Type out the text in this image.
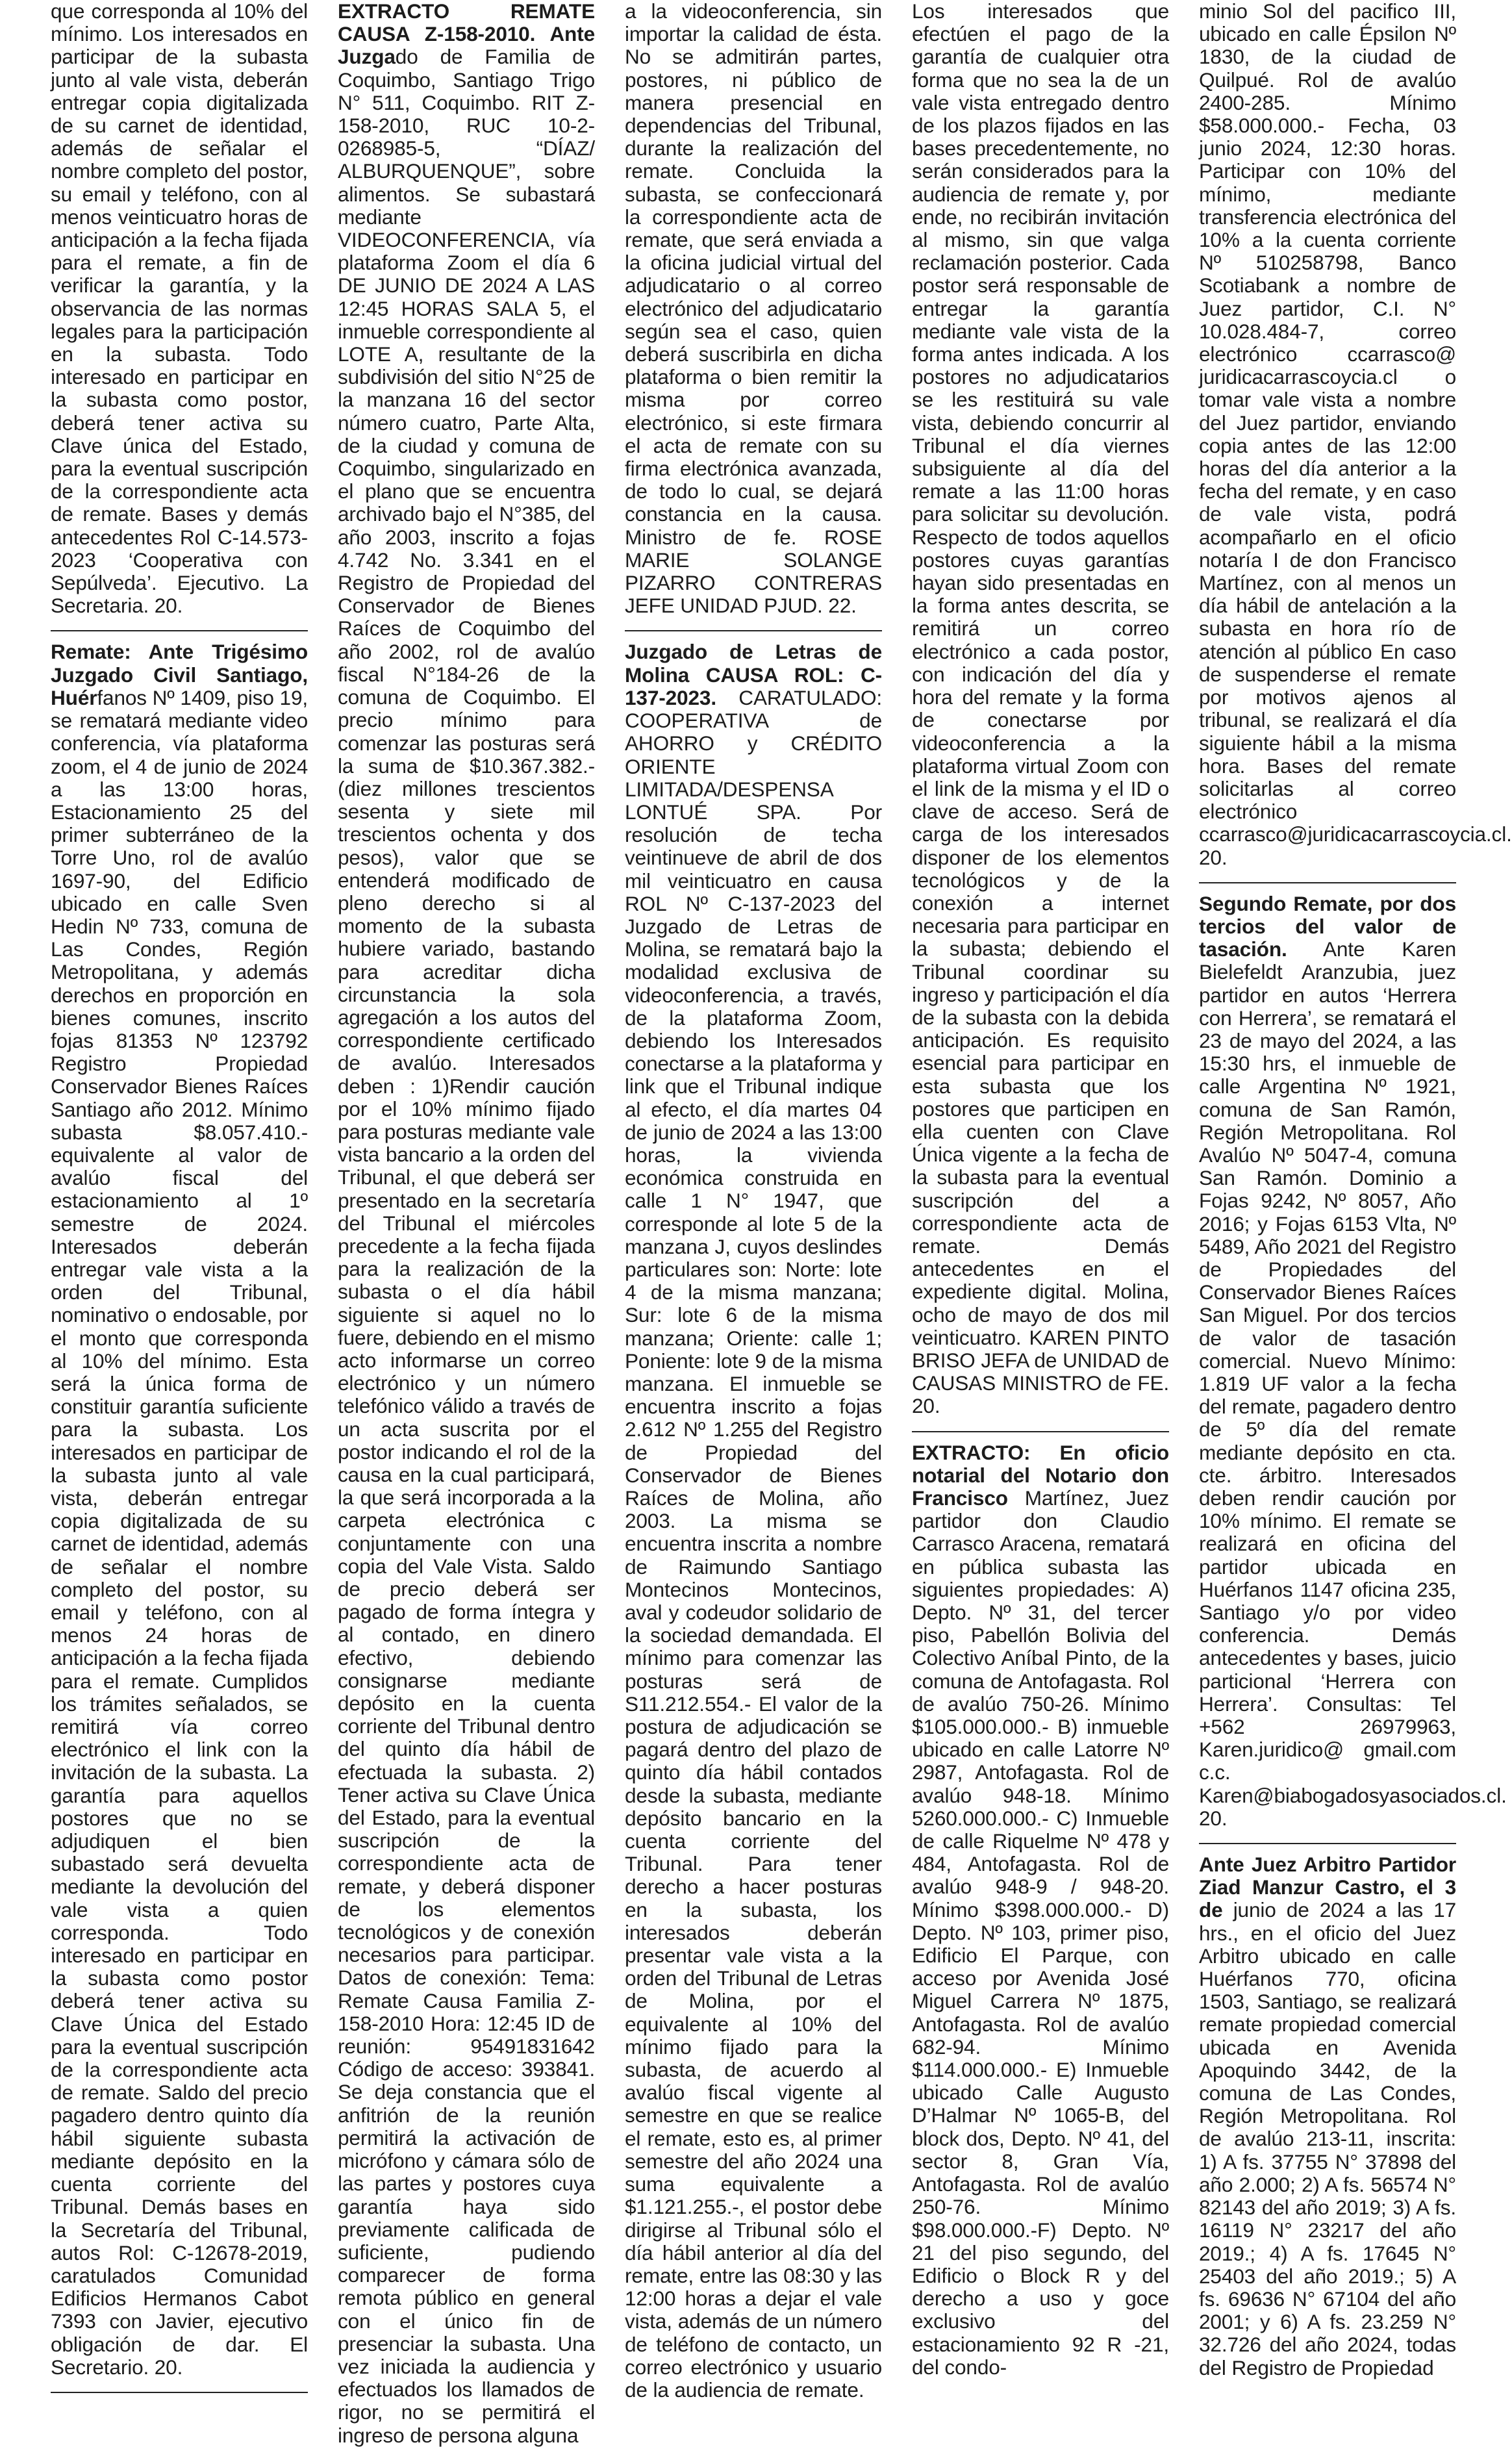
que corresponda al 10% del mínimo. Los interesados en participar de la subasta junto al vale vista, deberán entregar copia digitalizada de su carnet de identidad, además de señalar el nombre completo del postor, su email y teléfono, con al menos veinticuatro horas de anticipación a la fecha fijada para el remate, a fin de verificar la garantía, y la observancia de las normas legales para la participación en la subasta. Todo interesado en participar en la subasta como postor, deberá tener activa su Clave única del Estado, para la eventual suscripción de la correspondiente acta de remate. Bases y demás antecedentes Rol C-14.573-2023 ‘Cooperativa con Sepúlveda’. Ejecutivo. La Secretaria. 20.

Remate: Ante Trigésimo Juzgado Civil Santiago, Huérfanos Nº 1409, piso 19, se rematará mediante video conferencia, vía plataforma zoom, el 4 de junio de 2024 a las 13:00 horas, Estacionamiento 25 del primer subterráneo de la Torre Uno, rol de avalúo 1697-90, del Edificio ubicado en calle Sven Hedin Nº 733, comuna de Las Condes, Región Metropolitana, y además derechos en proporción en bienes comunes, inscrito fojas 81353 Nº 123792 Registro Propiedad Conservador Bienes Raíces Santiago año 2012. Mínimo subasta $8.057.410.- equivalente al valor de avalúo fiscal del estacionamiento al 1º semestre de 2024. Interesados deberán entregar vale vista a la orden del Tribunal, nominativo o endosable, por el monto que corresponda al 10% del mínimo. Esta será la única forma de constituir garantía suficiente para la subasta. Los interesados en participar de la subasta junto al vale vista, deberán entregar copia digitalizada de su carnet de identidad, además de señalar el nombre completo del postor, su email y teléfono, con al menos 24 horas de anticipación a la fecha fijada para el remate. Cumplidos los trámites señalados, se remitirá vía correo electrónico el link con la invitación de la subasta. La garantía para aquellos postores que no se adjudiquen el bien subastado será devuelta mediante la devolución del vale vista a quien corresponda. Todo interesado en participar en la subasta como postor deberá tener activa su Clave Única del Estado para la eventual suscripción de la correspondiente acta de remate. Saldo del precio pagadero dentro quinto día hábil siguiente subasta mediante depósito en la cuenta corriente del Tribunal. Demás bases en la Secretaría del Tribunal, autos Rol: C-12678-2019, caratulados Comunidad Edificios Hermanos Cabot 7393 con Javier, ejecutivo obligación de dar. El Secretario. 20.

EXTRACTO REMATE CAUSA Z-158-2010. Ante Juzgado de Familia de Coquimbo, Santiago Trigo N° 511, Coquimbo. RIT Z-158-2010, RUC 10-2-0268985-5, “DÍAZ/ ALBURQUENQUE”, sobre alimentos. Se subastará mediante VIDEOCONFERENCIA, vía plataforma Zoom el día 6 DE JUNIO DE 2024 A LAS 12:45 HORAS SALA 5, el inmueble correspondiente al LOTE A, resultante de la subdivisión del sitio N°25 de la manzana 16 del sector número cuatro, Parte Alta, de la ciudad y comuna de Coquimbo, singularizado en el plano que se encuentra archivado bajo el N°385, del año 2003, inscrito a fojas 4.742 No. 3.341 en el Registro de Propiedad del Conservador de Bienes Raíces de Coquimbo del año 2002, rol de avalúo fiscal N°184-26 de la comuna de Coquimbo. El precio mínimo para comenzar las posturas será la suma de $10.367.382.- (diez millones trescientos sesenta y siete mil trescientos ochenta y dos pesos), valor que se entenderá modificado de pleno derecho si al momento de la subasta hubiere variado, bastando para acreditar dicha circunstancia la sola agregación a los autos del correspondiente certificado de avalúo. Interesados deben : 1)Rendir caución por el 10% mínimo fijado para posturas mediante vale vista bancario a la orden del Tribunal, el que deberá ser presentado en la secretaría del Tribunal el miércoles precedente a la fecha fijada para la realización de la subasta o el día hábil siguiente si aquel no lo fuere, debiendo en el mismo acto informarse un correo electrónico y un número telefónico válido a través de un acta suscrita por el postor indicando el rol de la causa en la cual participará, la que será incorporada a la carpeta electrónica c conjuntamente con una copia del Vale Vista. Saldo de precio deberá ser pagado de forma íntegra y al contado, en dinero efectivo, debiendo consignarse mediante depósito en la cuenta corriente del Tribunal dentro del quinto día hábil de efectuada la subasta. 2) Tener activa su Clave Única del Estado, para la eventual suscripción de la correspondiente acta de remate, y deberá disponer de los elementos tecnológicos y de conexión necesarios para participar. Datos de conexión: Tema: Remate Causa Familia Z-158-2010 Hora: 12:45 ID de reunión: 95491831642 Código de acceso: 393841. Se deja constancia que el anfitrión de la reunión permitirá la activación de micrófono y cámara sólo de las partes y postores cuya garantía haya sido previamente calificada de suficiente, pudiendo comparecer de forma remota público en general con el único fin de presenciar la subasta. Una vez iniciada la audiencia y efectuados los llamados de rigor, no se permitirá el ingreso de persona alguna

a la videoconferencia, sin importar la calidad de ésta. No se admitirán partes, postores, ni público de manera presencial en dependencias del Tribunal, durante la realización del remate. Concluida la subasta, se confeccionará la correspondiente acta de remate, que será enviada a la oficina judicial virtual del adjudicatario o al correo electrónico del adjudicatario según sea el caso, quien deberá suscribirla en dicha plataforma o bien remitir la misma por correo electrónico, si este firmara el acta de remate con su firma electrónica avanzada, de todo lo cual, se dejará constancia en la causa. Ministro de fe. ROSE MARIE SOLANGE PIZARRO CONTRERAS JEFE UNIDAD PJUD. 22.

Juzgado de Letras de Molina CAUSA ROL: C-137-2023. CARATULADO: COOPERATIVA de AHORRO y CRÉDITO ORIENTE LIMITADA/DESPENSA LONTUÉ SPA. Por resolución de techa veintinueve de abril de dos mil veinticuatro en causa ROL Nº C-137-2023 del Juzgado de Letras de Molina, se rematará bajo la modalidad exclusiva de videoconferencia, a través, de la plataforma Zoom, debiendo los Interesados conectarse a la plataforma y link que el Tribunal indique al efecto, el día martes 04 de junio de 2024 a las 13:00 horas, la vivienda económica construida en calle 1 N° 1947, que corresponde al lote 5 de la manzana J, cuyos deslindes particulares son: Norte: lote 4 de la misma manzana; Sur: lote 6 de la misma manzana; Oriente: calle 1; Poniente: lote 9 de la misma manzana. El inmueble se encuentra inscrito a fojas 2.612 Nº 1.255 del Registro de Propiedad del Conservador de Bienes Raíces de Molina, año 2003. La misma se encuentra inscrita a nombre de Raimundo Santiago Montecinos Montecinos, aval y codeudor solidario de la sociedad demandada. El mínimo para comenzar las posturas será de S11.212.554.- El valor de la postura de adjudicación se pagará dentro del plazo de quinto día hábil contados desde la subasta, mediante depósito bancario en la cuenta corriente del Tribunal. Para tener derecho a hacer posturas en la subasta, los interesados deberán presentar vale vista a la orden del Tribunal de Letras de Molina, por el equivalente al 10% del mínimo fijado para la subasta, de acuerdo al avalúo fiscal vigente al semestre en que se realice el remate, esto es, al primer semestre del año 2024 una suma equivalente a $1.121.255.-, el postor debe dirigirse al Tribunal sólo el día hábil anterior al día del remate, entre las 08:30 y las 12:00 horas a dejar el vale vista, además de un número de teléfono de contacto, un correo electrónico y usuario de la audiencia de remate.

Los interesados que efectúen el pago de la garantía de cualquier otra forma que no sea la de un vale vista entregado dentro de los plazos fijados en las bases precedentemente, no serán considerados para la audiencia de remate y, por ende, no recibirán invitación al mismo, sin que valga reclamación posterior. Cada postor será responsable de entregar la garantía mediante vale vista de la forma antes indicada. A los postores no adjudicatarios se les restituirá su vale vista, debiendo concurrir al Tribunal el día viernes subsiguiente al día del remate a las 11:00 horas para solicitar su devolución. Respecto de todos aquellos postores cuyas garantías hayan sido presentadas en la forma antes descrita, se remitirá un correo electrónico a cada postor, con indicación del día y hora del remate y la forma de conectarse por videoconferencia a la plataforma virtual Zoom con el link de la misma y el ID o clave de acceso. Será de carga de los interesados disponer de los elementos tecnológicos y de la conexión a internet necesaria para participar en la subasta; debiendo el Tribunal coordinar su ingreso y participación el día de la subasta con la debida anticipación. Es requisito esencial para participar en esta subasta que los postores que participen en ella cuenten con Clave Única vigente a la fecha de la subasta para la eventual suscripción del a correspondiente acta de remate. Demás antecedentes en el expediente digital. Molina, ocho de mayo de dos mil veinticuatro. KAREN PINTO BRISO JEFA de UNIDAD de CAUSAS MINISTRO de FE. 20.

EXTRACTO: En oficio notarial del Notario don Francisco Martínez, Juez partidor don Claudio Carrasco Aracena, rematará en pública subasta las siguientes propiedades: A) Depto. Nº 31, del tercer piso, Pabellón Bolivia del Colectivo Aníbal Pinto, de la comuna de Antofagasta. Rol de avalúo 750-26. Mínimo $105.000.000.- B) inmueble ubicado en calle Latorre Nº 2987, Antofagasta. Rol de avalúo 948-18. Mínimo 5260.000.000.- C) Inmueble de calle Riquelme Nº 478 y 484, Antofagasta. Rol de avalúo 948-9 / 948-20. Mínimo $398.000.000.- D) Depto. Nº 103, primer piso, Edificio El Parque, con acceso por Avenida José Miguel Carrera Nº 1875, Antofagasta. Rol de avalúo 682-94. Mínimo $114.000.000.- E) Inmueble ubicado Calle Augusto D’Halmar Nº 1065-B, del block dos, Depto. Nº 41, del sector 8, Gran Vía, Antofagasta. Rol de avalúo 250-76. Mínimo $98.000.000.-F) Depto. Nº 21 del piso segundo, del Edificio o Block R y del derecho a uso y goce exclusivo del estacionamiento 92 R -21, del condo-

minio Sol del pacifico III, ubicado en calle Épsilon Nº 1830, de la ciudad de Quilpué. Rol de avalúo 2400-285. Mínimo $58.000.000.- Fecha, 03 junio 2024, 12:30 horas. Participar con 10% del mínimo, mediante transferencia electrónica del 10% a la cuenta corriente Nº 510258798, Banco Scotiabank a nombre de Juez partidor, C.I. N° 10.028.484-7, correo electrónico ccarrasco@ juridicacarrascoycia.cl o tomar vale vista a nombre del Juez partidor, enviando copia antes de las 12:00 horas del día anterior a la fecha del remate, y en caso de vale vista, podrá acompañarlo en el oficio notaría I de don Francisco Martínez, con al menos un día hábil de antelación a la subasta en hora río de atención al público En caso de suspenderse el remate por motivos ajenos al tribunal, se realizará el día siguiente hábil a la misma hora. Bases del remate solicitarlas al correo electrónico ccarrasco@juridicacarrascoycia.cl. 20.

Segundo Remate, por dos tercios del valor de tasación. Ante Karen Bielefeldt Aranzubia, juez partidor en autos ‘Herrera con Herrera’, se rematará el 23 de mayo del 2024, a las 15:30 hrs, el inmueble de calle Argentina Nº 1921, comuna de San Ramón, Región Metropolitana. Rol Avalúo Nº 5047-4, comuna San Ramón. Dominio a Fojas 9242, Nº 8057, Año 2016; y Fojas 6153 Vlta, Nº 5489, Año 2021 del Registro de Propiedades del Conservador Bienes Raíces San Miguel. Por dos tercios de valor de tasación comercial. Nuevo Mínimo: 1.819 UF valor a la fecha del remate, pagadero dentro de 5º día del remate mediante depósito en cta. cte. árbitro. Interesados deben rendir caución por 10% mínimo. El remate se realizará en oficina del partidor ubicada en Huérfanos 1147 oficina 235, Santiago y/o por video conferencia. Demás antecedentes y bases, juicio particional ‘Herrera con Herrera’. Consultas: Tel +562 26979963, Karen.juridico@ gmail.com c.c. Karen@biabogadosyasociados.cl. 20.

Ante Juez Arbitro Partidor Ziad Manzur Castro, el 3 de junio de 2024 a las 17 hrs., en el oficio del Juez Arbitro ubicado en calle Huérfanos 770, oficina 1503, Santiago, se realizará remate propiedad comercial ubicada en Avenida Apoquindo 3442, de la comuna de Las Condes, Región Metropolitana. Rol de avalúo 213-11, inscrita: 1) A fs. 37755 N° 37898 del año 2.000; 2) A fs. 56574 N° 82143 del año 2019; 3) A fs. 16119 N° 23217 del año 2019.; 4) A fs. 17645 N° 25403 del año 2019.; 5) A fs. 69636 N° 67104 del año 2001; y 6) A fs. 23.259 N° 32.726 del año 2024, todas del Registro de Propiedad
